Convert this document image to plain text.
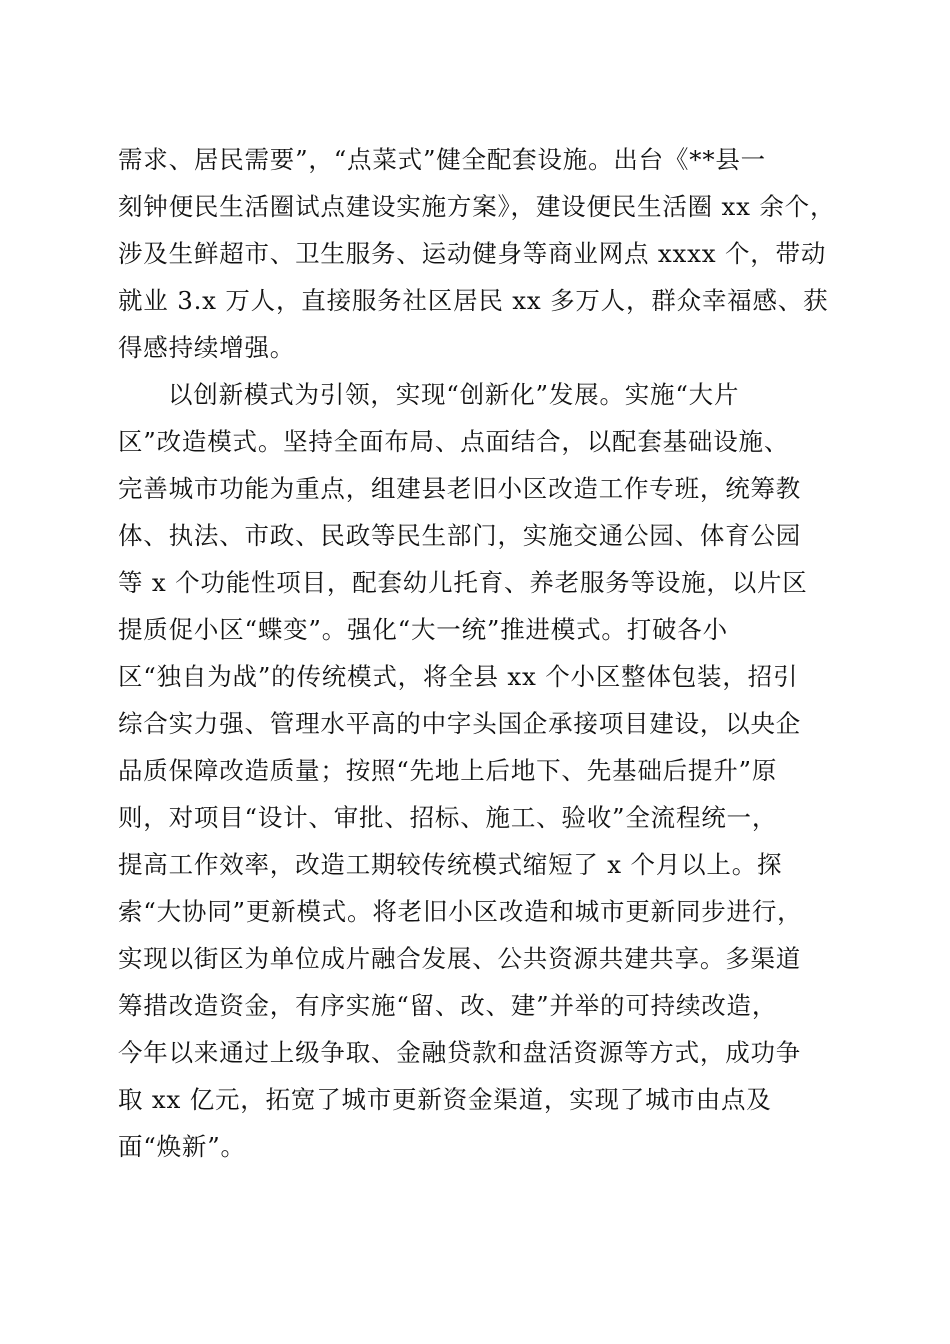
需求、居民需要”，“点菜式”健全配套设施。出台《**县一
刻钟便民生活圈试点建设实施方案》，建设便民生活圈 xx 余个，
涉及生鲜超市、卫生服务、运动健身等商业网点 xxxx 个，带动
就业 3.x 万人，直接服务社区居民 xx 多万人，群众幸福感、获
得感持续增强。
以创新模式为引领，实现“创新化”发展。实施“大片
区”改造模式。坚持全面布局、点面结合，以配套基础设施、
完善城市功能为重点，组建县老旧小区改造工作专班，统筹教
体、执法、市政、民政等民生部门，实施交通公园、体育公园
等 x 个功能性项目，配套幼儿托育、养老服务等设施，以片区
提质促小区“蝶变”。强化“大一统”推进模式。打破各小
区“独自为战”的传统模式，将全县 xx 个小区整体包装，招引
综合实力强、管理水平高的中字头国企承接项目建设，以央企
品质保障改造质量；按照“先地上后地下、先基础后提升”原
则，对项目“设计、审批、招标、施工、验收”全流程统一，
提高工作效率，改造工期较传统模式缩短了 x 个月以上。探
索“大协同”更新模式。将老旧小区改造和城市更新同步进行，
实现以街区为单位成片融合发展、公共资源共建共享。多渠道
筹措改造资金，有序实施“留、改、建”并举的可持续改造，
今年以来通过上级争取、金融贷款和盘活资源等方式，成功争
取 xx 亿元，拓宽了城市更新资金渠道，实现了城市由点及
面“焕新”。
